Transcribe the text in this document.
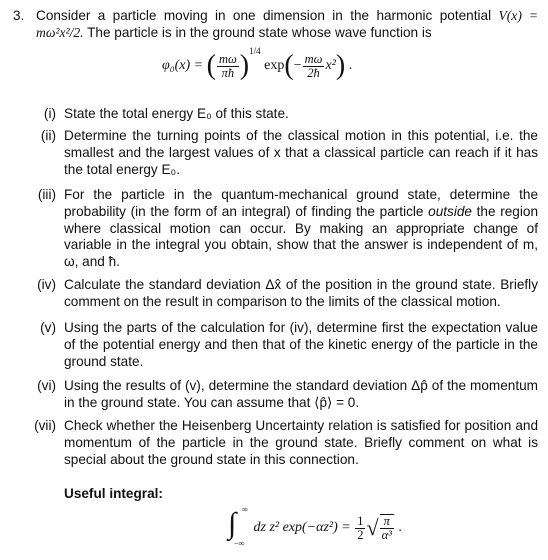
3. Consider a particle moving in one dimension in the harmonic potential V(x) = mω²x²/2. The particle is in the ground state whose wave function is
φ₀(x) = ( $\frac{m\omega}{\pi ħ} )^{1/4}$ $\exp(- \frac{m\omega}{2ħ} x^2)$ .
(i) State the total energy E₀ of this state.
(ii) Determine the turning points of the classical motion in this potential, i.e. the smallest and the largest values of x that a classical particle can reach if it has the total energy E₀.
(iii) For the particle in the quantum-mechanical ground state, determine the probability (in the form of an integral) of finding the particle outside the region where classical motion can occur. By making an appropriate change of variable in the integral you obtain, show that the answer is independent of m, ω, and ħ.
(iv) Calculate the standard deviation Δx̂ of the position in the ground state. Briefly comment on the result in comparison to the limits of the classical motion.
(v) Using the parts of the calculation for (iv), determine first the expectation value of the potential energy and then that of the kinetic energy of the particle in the ground state.
(vi) Using the results of (v), determine the standard deviation Δp̂ of the momentum in the ground state. You can assume that ⟨p̂⟩ = 0.
(vii) Check whether the Heisenberg Uncertainty relation is satisfied for position and momentum of the particle in the ground state. Briefly comment on what is special about the ground state in this connection.
Useful integral:
∫ ∞
−∞
dz z² $\exp(-\alpha z^2) = \frac{1}{2}$ √ $\frac{\pi}{\text{α³}}$ .
